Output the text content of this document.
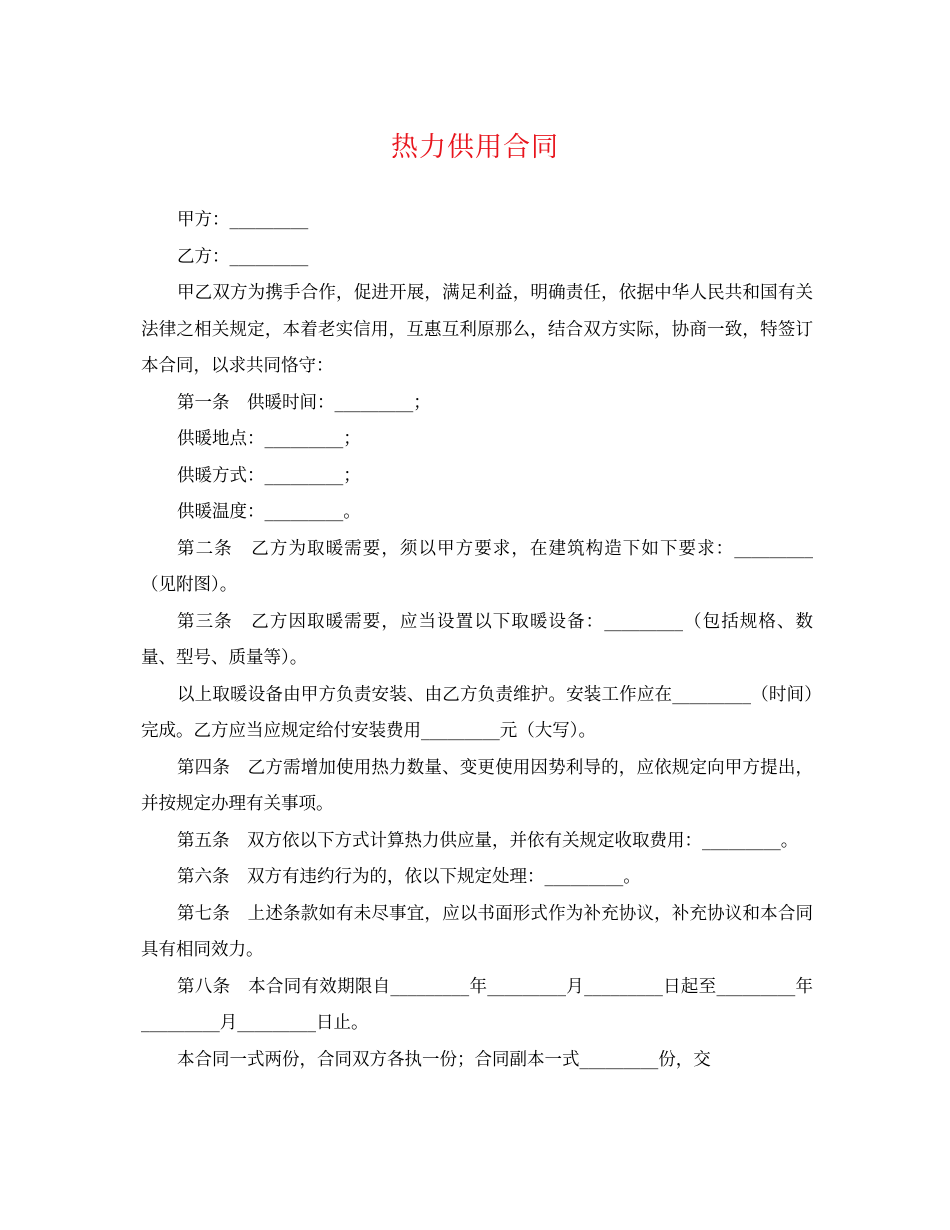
热力供用合同

甲方：_________

乙方：_________

甲乙双方为携手合作，促进开展，满足利益，明确责任，依据中华人民共和国有关法律之相关规定，本着老实信用，互惠互利原那么，结合双方实际，协商一致，特签订本合同，以求共同恪守：

第一条　供暖时间：_________；

供暖地点：_________；

供暖方式：_________；

供暖温度：_________。

第二条　乙方为取暖需要，须以甲方要求，在建筑构造下如下要求：_________（见附图）。

第三条　乙方因取暖需要，应当设置以下取暖设备：_________（包括规格、数量、型号、质量等）。

以上取暖设备由甲方负责安装、由乙方负责维护。安装工作应在_________（时间）完成。乙方应当应规定给付安装费用_________元（大写）。

第四条　乙方需增加使用热力数量、变更使用因势利导的，应依规定向甲方提出，并按规定办理有关事项。

第五条　双方依以下方式计算热力供应量，并依有关规定收取费用：_________。

第六条　双方有违约行为的，依以下规定处理：_________。

第七条　上述条款如有未尽事宜，应以书面形式作为补充协议，补充协议和本合同具有相同效力。

第八条　本合同有效期限自_________年_________月_________日起至_________年_________月_________日止。

本合同一式两份，合同双方各执一份；合同副本一式_________份，交
